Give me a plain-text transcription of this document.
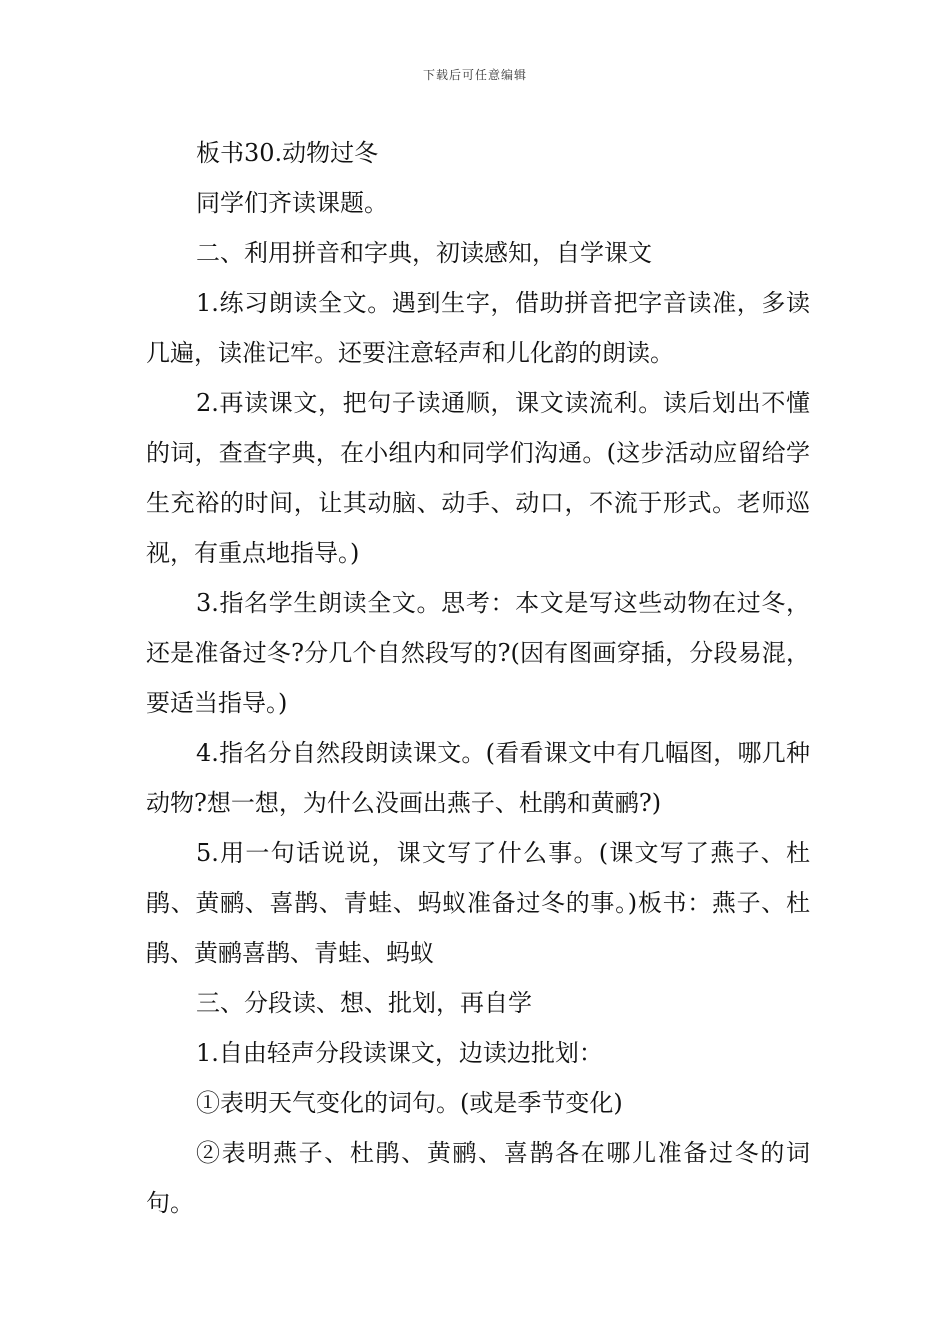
下载后可任意编辑

板书30.动物过冬

同学们齐读课题。

二、利用拼音和字典，初读感知，自学课文

1.练习朗读全文。遇到生字，借助拼音把字音读准，多读几遍，读准记牢。还要注意轻声和儿化韵的朗读。

2.再读课文，把句子读通顺，课文读流利。读后划出不懂的词，查查字典，在小组内和同学们沟通。(这步活动应留给学生充裕的时间，让其动脑、动手、动口，不流于形式。老师巡视，有重点地指导。)

3.指名学生朗读全文。思考：本文是写这些动物在过冬，还是准备过冬?分几个自然段写的?(因有图画穿插，分段易混，要适当指导。)

4.指名分自然段朗读课文。(看看课文中有几幅图，哪几种动物?想一想，为什么没画出燕子、杜鹃和黄鹂?)

5.用一句话说说，课文写了什么事。(课文写了燕子、杜鹃、黄鹂、喜鹊、青蛙、蚂蚁准备过冬的事。)板书：燕子、杜鹃、黄鹂喜鹊、青蛙、蚂蚁

三、分段读、想、批划，再自学

1.自由轻声分段读课文，边读边批划：

①表明天气变化的词句。(或是季节变化)

②表明燕子、杜鹃、黄鹂、喜鹊各在哪儿准备过冬的词句。
